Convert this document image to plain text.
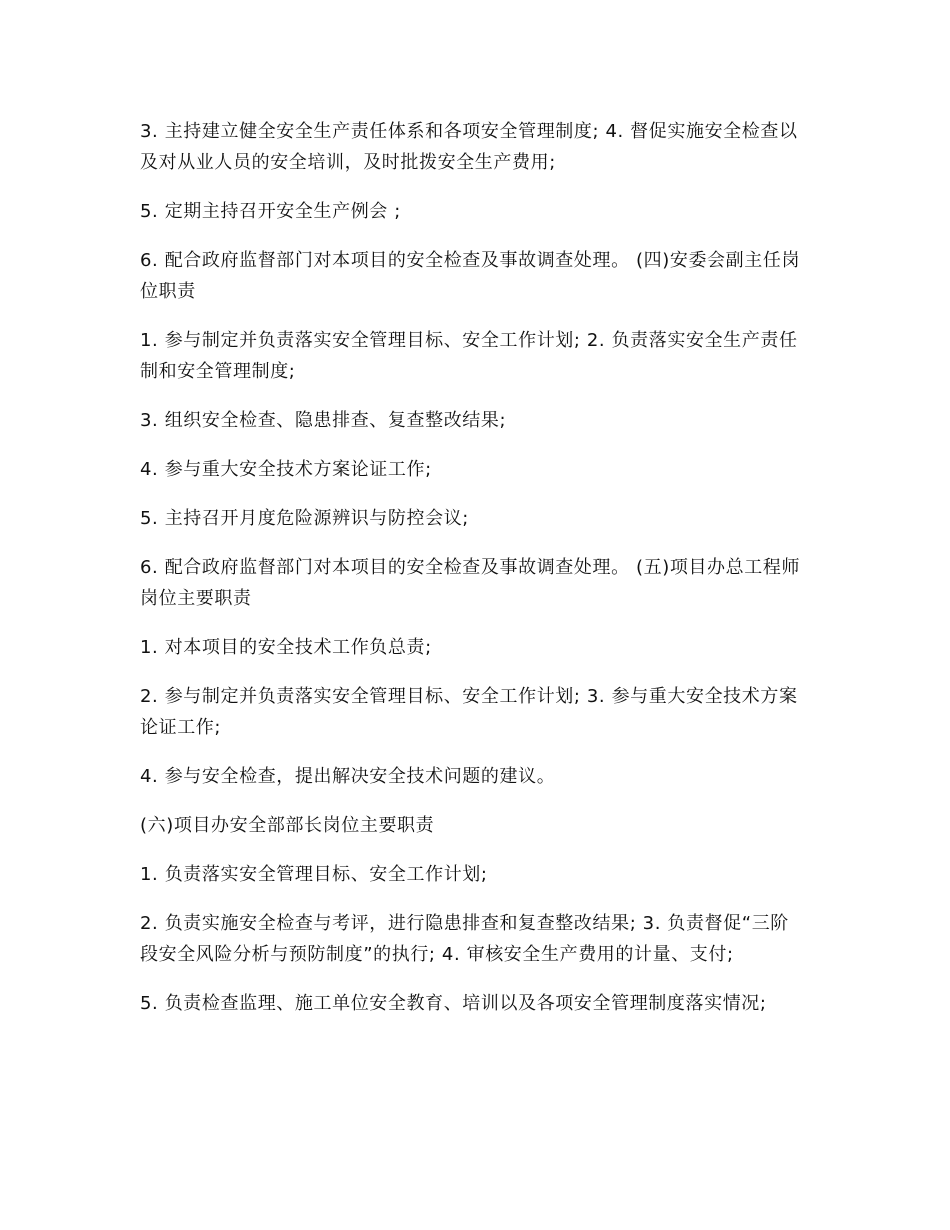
3. 主持建立健全安全生产责任体系和各项安全管理制度; 4. 督促实施安全检查以及对从业人员的安全培训，及时批拨安全生产费用;

5. 定期主持召开安全生产例会 ;

6. 配合政府监督部门对本项目的安全检查及事故调查处理。 (四)安委会副主任岗位职责

1. 参与制定并负责落实安全管理目标、安全工作计划; 2. 负责落实安全生产责任制和安全管理制度;

3. 组织安全检查、隐患排查、复查整改结果;

4. 参与重大安全技术方案论证工作;

5. 主持召开月度危险源辨识与防控会议;

6. 配合政府监督部门对本项目的安全检查及事故调查处理。 (五)项目办总工程师岗位主要职责

1. 对本项目的安全技术工作负总责;

2. 参与制定并负责落实安全管理目标、安全工作计划; 3. 参与重大安全技术方案论证工作;

4. 参与安全检查，提出解决安全技术问题的建议。

(六)项目办安全部部长岗位主要职责

1. 负责落实安全管理目标、安全工作计划;

2. 负责实施安全检查与考评，进行隐患排查和复查整改结果; 3. 负责督促“三阶段安全风险分析与预防制度”的执行; 4. 审核安全生产费用的计量、支付;

5. 负责检查监理、施工单位安全教育、培训以及各项安全管理制度落实情况;
